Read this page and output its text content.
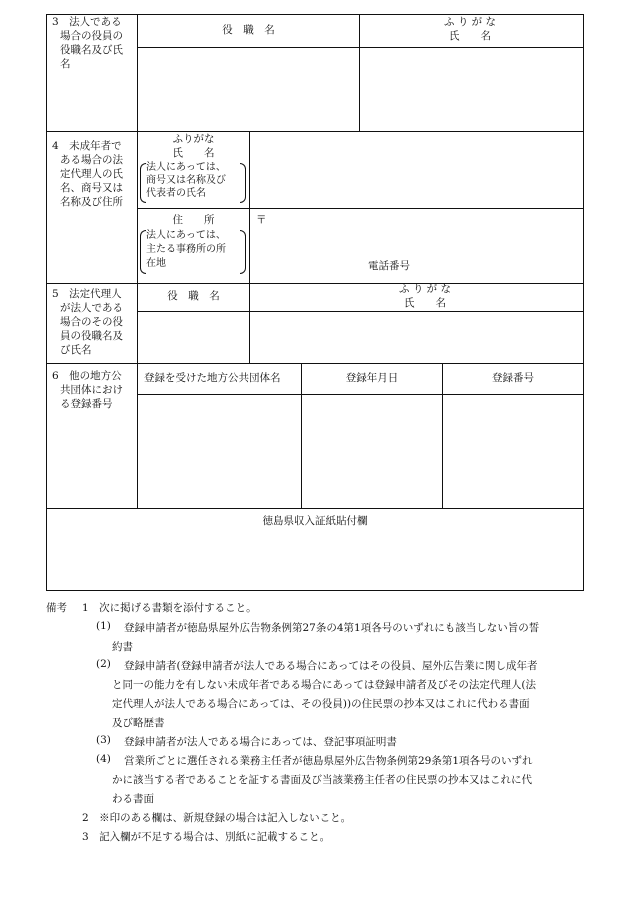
3　法人である
場合の役員の
役職名及び氏
名
役　職　名
ふ り が な
氏　　名
4　未成年者で
ある場合の法
定代理人の氏
名、商号又は
名称及び住所
ふりがな
氏　　名
法人にあっては、
商号又は名称及び
代表者の氏名
住　　所
法人にあっては、
主たる事務所の所
在地
〒
電話番号
5　法定代理人
が法人である
場合のその役
員の役職名及
び氏名
役　職　名
ふ り が な
氏　　名
6　他の地方公
共団体におけ
る登録番号
登録を受けた地方公共団体名	登録年月日	登録番号
徳島県収入証紙貼付欄
備考 1　次に掲げる書類を添付すること。
(1) 登録申請者が徳島県屋外広告物条例第27条の4第1項各号のいずれにも該当しない旨の誓
約書
(2) 登録申請者(登録申請者が法人である場合にあってはその役員、屋外広告業に関し成年者
と同一の能力を有しない未成年者である場合にあっては登録申請者及びその法定代理人(法
定代理人が法人である場合にあっては、その役員))の住民票の抄本又はこれに代わる書面
及び略歴書
(3) 登録申請者が法人である場合にあっては、登記事項証明書
(4) 営業所ごとに選任される業務主任者が徳島県屋外広告物条例第29条第1項各号のいずれ
かに該当する者であることを証する書面及び当該業務主任者の住民票の抄本又はこれに代
わる書面
2　※印のある欄は、新規登録の場合は記入しないこと。
3　記入欄が不足する場合は、別紙に記載すること。
